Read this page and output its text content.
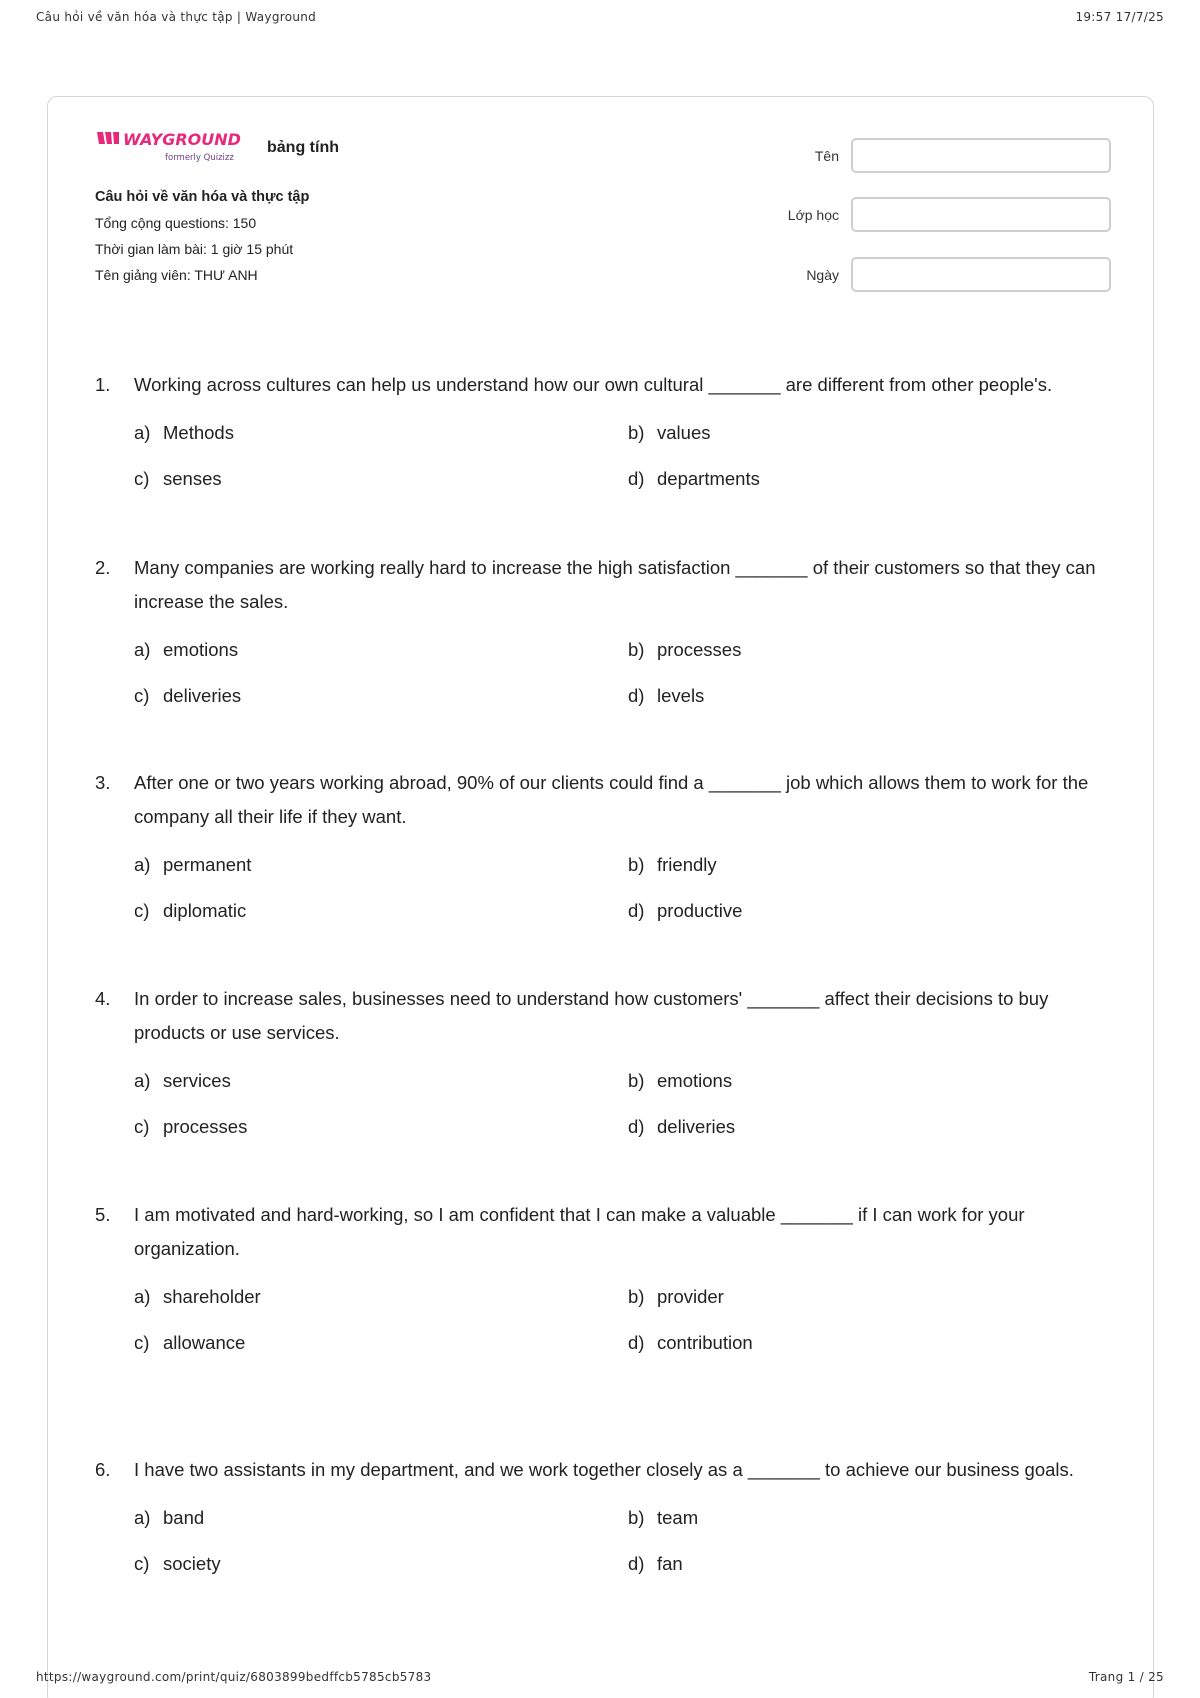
Câu hỏi về văn hóa và thực tập | Wayground	19:57 17/7/25
WAYGROUND
formerly Quizizz
bảng tính
Câu hỏi về văn hóa và thực tập
Tổng cộng questions: 150
Thời gian làm bài: 1 giờ 15 phút
Tên giảng viên: THƯ ANH
Tên
Lớp học
Ngày
1.	Working across cultures can help us understand how our own cultural _______ are different from other people's.
a) Methods	b) values
c) senses	d) departments
2.	Many companies are working really hard to increase the high satisfaction _______ of their customers so that they can increase the sales.
a) emotions	b) processes
c) deliveries	d) levels
3.	After one or two years working abroad, 90% of our clients could find a _______ job which allows them to work for the company all their life if they want.
a) permanent	b) friendly
c) diplomatic	d) productive
4.	In order to increase sales, businesses need to understand how customers' _______ affect their decisions to buy products or use services.
a) services	b) emotions
c) processes	d) deliveries
5.	I am motivated and hard-working, so I am confident that I can make a valuable _______ if I can work for your organization.
a) shareholder	b) provider
c) allowance	d) contribution
6.	I have two assistants in my department, and we work together closely as a _______ to achieve our business goals.
a) band	b) team
c) society	d) fan
https://wayground.com/print/quiz/6803899bedffcb5785cb5783	Trang 1 / 25
